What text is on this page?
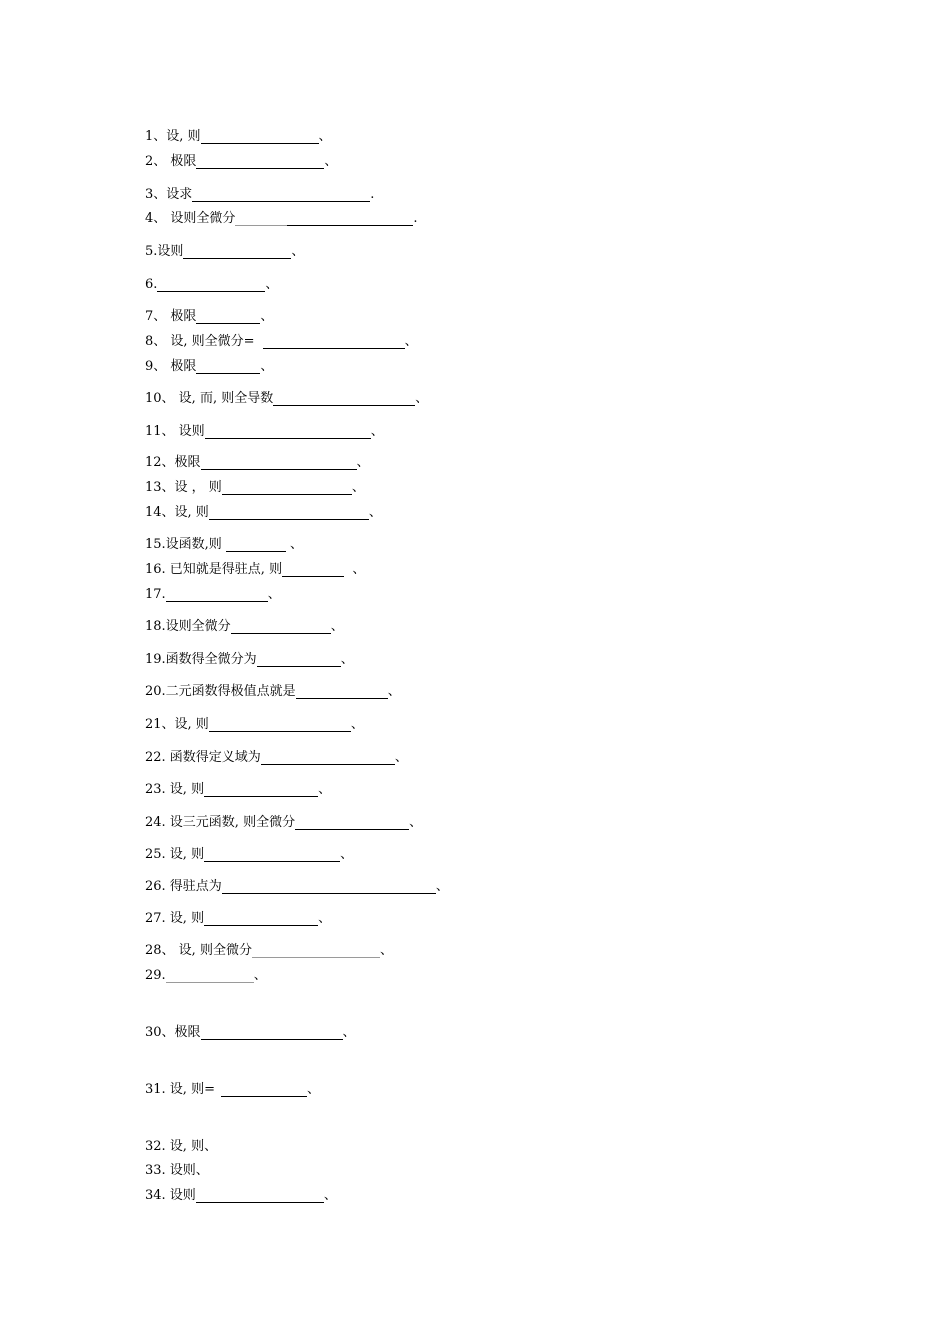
1、设, 则	、
2、 极限	、
3、设求	.
4、 设则全微分	.
5.设则	、
6.	、
7、 极限	、
8、 设, 则全微分=	、
9、 极限	、
10、 设, 而, 则全导数	、
11、 设则	、
12、极限	、
13、设 ， 则	、
14、设, 则	、
15.设函数,则	、
16. 已知就是得驻点, 则	、
17.	、
18.设则全微分	、
19.函数得全微分为	、
20.二元函数得极值点就是	、
21、设, 则	、
22. 函数得定义域为	、
23. 设, 则	、
24. 设三元函数, 则全微分	、
25. 设, 则	、
26. 得驻点为	、
27. 设, 则	、
28、 设, 则全微分	、
29.	、
30、极限	、
31. 设, 则=	、
32. 设, 则、
33. 设则、
34. 设则	、
